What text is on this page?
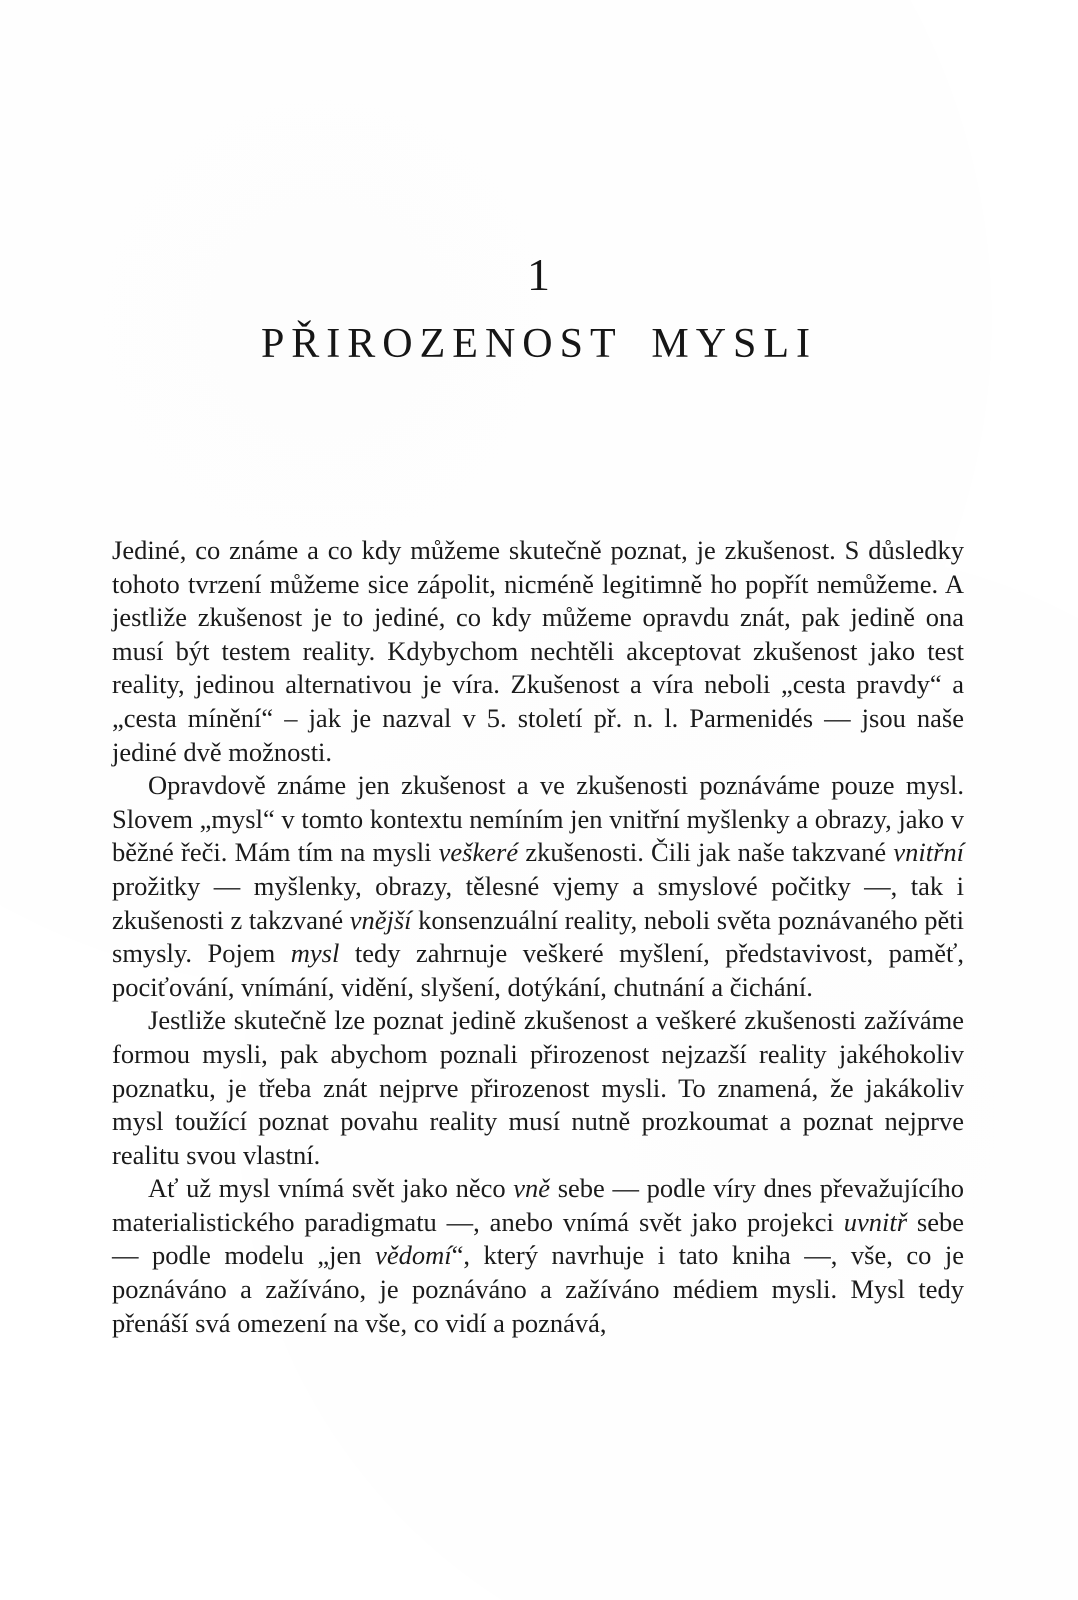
1
PŘIROZENOST MYSLI

Jediné, co známe a co kdy můžeme skutečně poznat, je zkušenost. S důsledky tohoto tvrzení můžeme sice zápolit, nicméně legitimně ho popřít nemůžeme. A jestliže zkušenost je to jediné, co kdy můžeme opravdu znát, pak jedině ona musí být testem reality. Kdybychom nechtěli akceptovat zkušenost jako test reality, jedinou alternativou je víra. Zkušenost a víra neboli „cesta pravdy“ a „cesta mínění“ – jak je nazval v 5. století př. n. l. Parmenidés — jsou naše jediné dvě možnosti.

Opravdově známe jen zkušenost a ve zkušenosti poznáváme pouze mysl. Slovem „mysl“ v tomto kontextu nemíním jen vnitřní myšlenky a obrazy, jako v běžné řeči. Mám tím na mysli veškeré zkušenosti. Čili jak naše takzvané vnitřní prožitky — myšlenky, obrazy, tělesné vjemy a smyslové počitky —, tak i zkušenosti z takzvané vnější konsenzuální reality, neboli světa poznávaného pěti smysly. Pojem mysl tedy zahrnuje veškeré myšlení, představivost, paměť, pociťování, vnímání, vidění, slyšení, dotýkání, chutnání a čichání.

Jestliže skutečně lze poznat jedině zkušenost a veškeré zkušenosti zažíváme formou mysli, pak abychom poznali přirozenost nejzazší reality jakéhokoliv poznatku, je třeba znát nejprve přirozenost mysli. To znamená, že jakákoliv mysl toužící poznat povahu reality musí nutně prozkoumat a poznat nejprve realitu svou vlastní.

Ať už mysl vnímá svět jako něco vně sebe — podle víry dnes převažujícího materialistického paradigmatu —, anebo vnímá svět jako projekci uvnitř sebe — podle modelu „jen vědomí“, který navrhuje i tato kniha —, vše, co je poznáváno a zažíváno, je poznáváno a zažíváno médiem mysli. Mysl tedy přenáší svá omezení na vše, co vidí a poznává,
